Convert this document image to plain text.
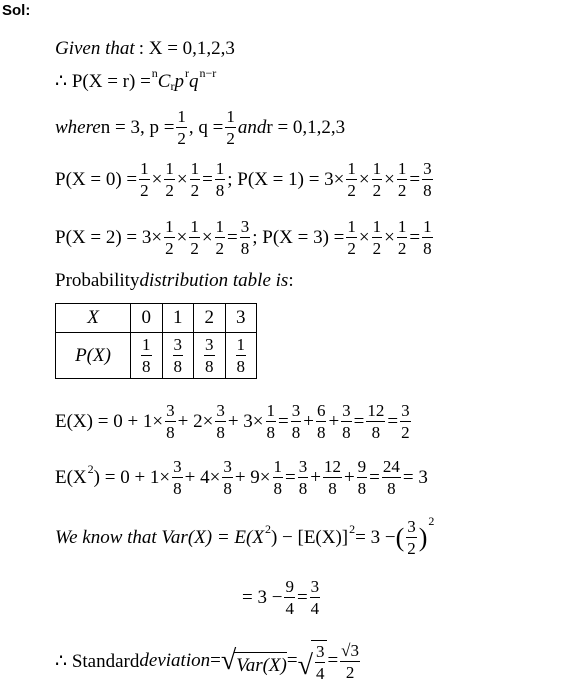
Sol:
Given that : X = 0,1,2,3
∴ P(X = r) = n C r p r q n−r
where n = 3, $p = \frac{1}{2}$ , $q = \frac{1}{2}$ and r = 0,1,2,3
$P(X = 0) = \frac{1}{2} \times \frac{1}{2} \times \frac{1}{2} = \frac{1}{8}$ ; $P(X = 1) = 3\times \frac{1}{2} \times \frac{1}{2} \times \frac{1}{2} = \frac{3}{8}$
$P(X = 2) = 3\times \frac{1}{2} \times \frac{1}{2} \times \frac{1}{2} = \frac{3}{8}$ ; $P(X = 3) = \frac{1}{2} \times \frac{1}{2} \times \frac{1}{2} = \frac{1}{8}$
Probability distribution table is :
X	0	1	2	3
P(X)	$\frac{1}{8}$	$\frac{3}{8}$	$\frac{3}{8}$	$\frac{1}{8}$
$E(X) = 0 + 1\times \frac{3}{8} + 2\times \frac{3}{8} + 3\times \frac{1}{8} = \frac{3}{8} + \frac{6}{8} + \frac{3}{8} = \frac{12}{8} = \frac{3}{2}$
E(X 2 ) = $0 + 1\times \frac{3}{8} + 4\times \frac{3}{8} + 9\times \frac{1}{8} = \frac{3}{8} + \frac{12}{8} + \frac{9}{8} = \frac{24}{8} = 3$
We know that Var(X) = E(X 2 ) − [E(X)] 2 = 3 − ( $\frac{3}{2}$ )
2
= $3 - \frac{9}{4} = \frac{3}{4}$
∴ Standard deviation = √ Var(X) = √ $\frac{3}{4} = \frac{√3}{2}$
